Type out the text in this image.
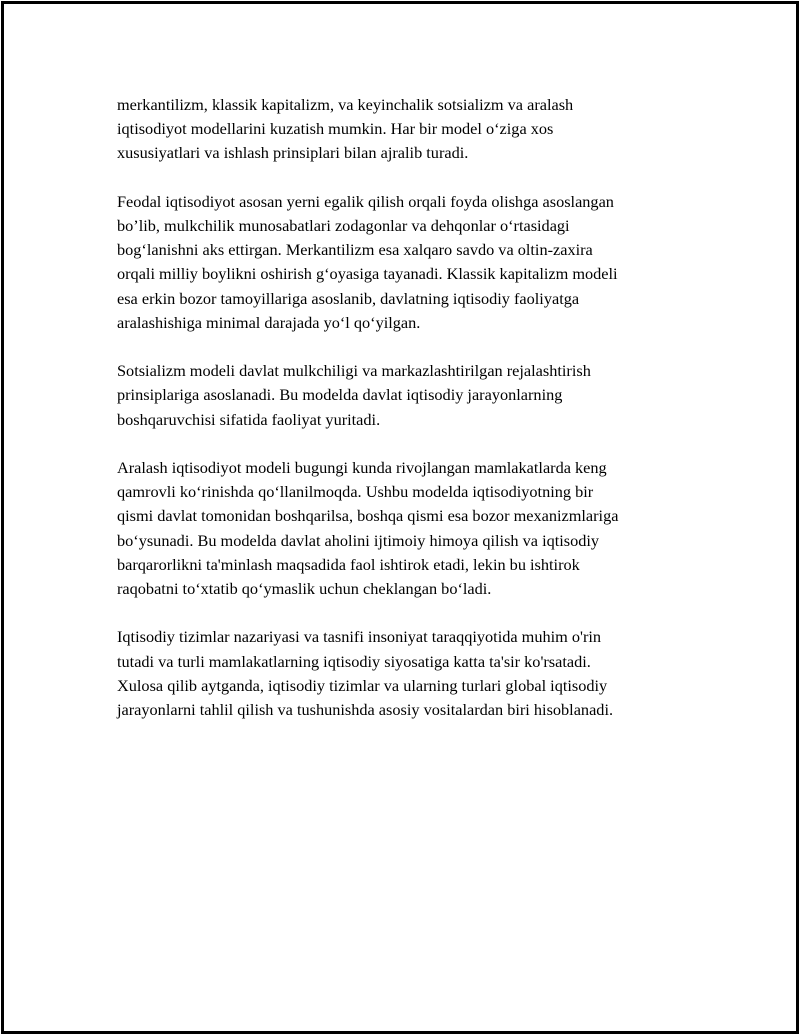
merkantilizm, klassik kapitalizm, va keyinchalik sotsializm va aralash
iqtisodiyot modellarini kuzatish mumkin. Har bir model o‘ziga xos
xususiyatlari va ishlash prinsiplari bilan ajralib turadi.

Feodal iqtisodiyot asosan yerni egalik qilish orqali foyda olishga asoslangan
bo’lib, mulkchilik munosabatlari zodagonlar va dehqonlar o‘rtasidagi
bog‘lanishni aks ettirgan. Merkantilizm esa xalqaro savdo va oltin-zaxira
orqali milliy boylikni oshirish g‘oyasiga tayanadi. Klassik kapitalizm modeli
esa erkin bozor tamoyillariga asoslanib, davlatning iqtisodiy faoliyatga
aralashishiga minimal darajada yo‘l qo‘yilgan.

Sotsializm modeli davlat mulkchiligi va markazlashtirilgan rejalashtirish
prinsiplariga asoslanadi. Bu modelda davlat iqtisodiy jarayonlarning
boshqaruvchisi sifatida faoliyat yuritadi.

Aralash iqtisodiyot modeli bugungi kunda rivojlangan mamlakatlarda keng
qamrovli ko‘rinishda qo‘llanilmoqda. Ushbu modelda iqtisodiyotning bir
qismi davlat tomonidan boshqarilsa, boshqa qismi esa bozor mexanizmlariga
bo‘ysunadi. Bu modelda davlat aholini ijtimoiy himoya qilish va iqtisodiy
barqarorlikni ta'minlash maqsadida faol ishtirok etadi, lekin bu ishtirok
raqobatni to‘xtatib qo‘ymaslik uchun cheklangan bo‘ladi.

Iqtisodiy tizimlar nazariyasi va tasnifi insoniyat taraqqiyotida muhim o'rin
tutadi va turli mamlakatlarning iqtisodiy siyosatiga katta ta'sir ko'rsatadi.
Xulosa qilib aytganda, iqtisodiy tizimlar va ularning turlari global iqtisodiy
jarayonlarni tahlil qilish va tushunishda asosiy vositalardan biri hisoblanadi.
